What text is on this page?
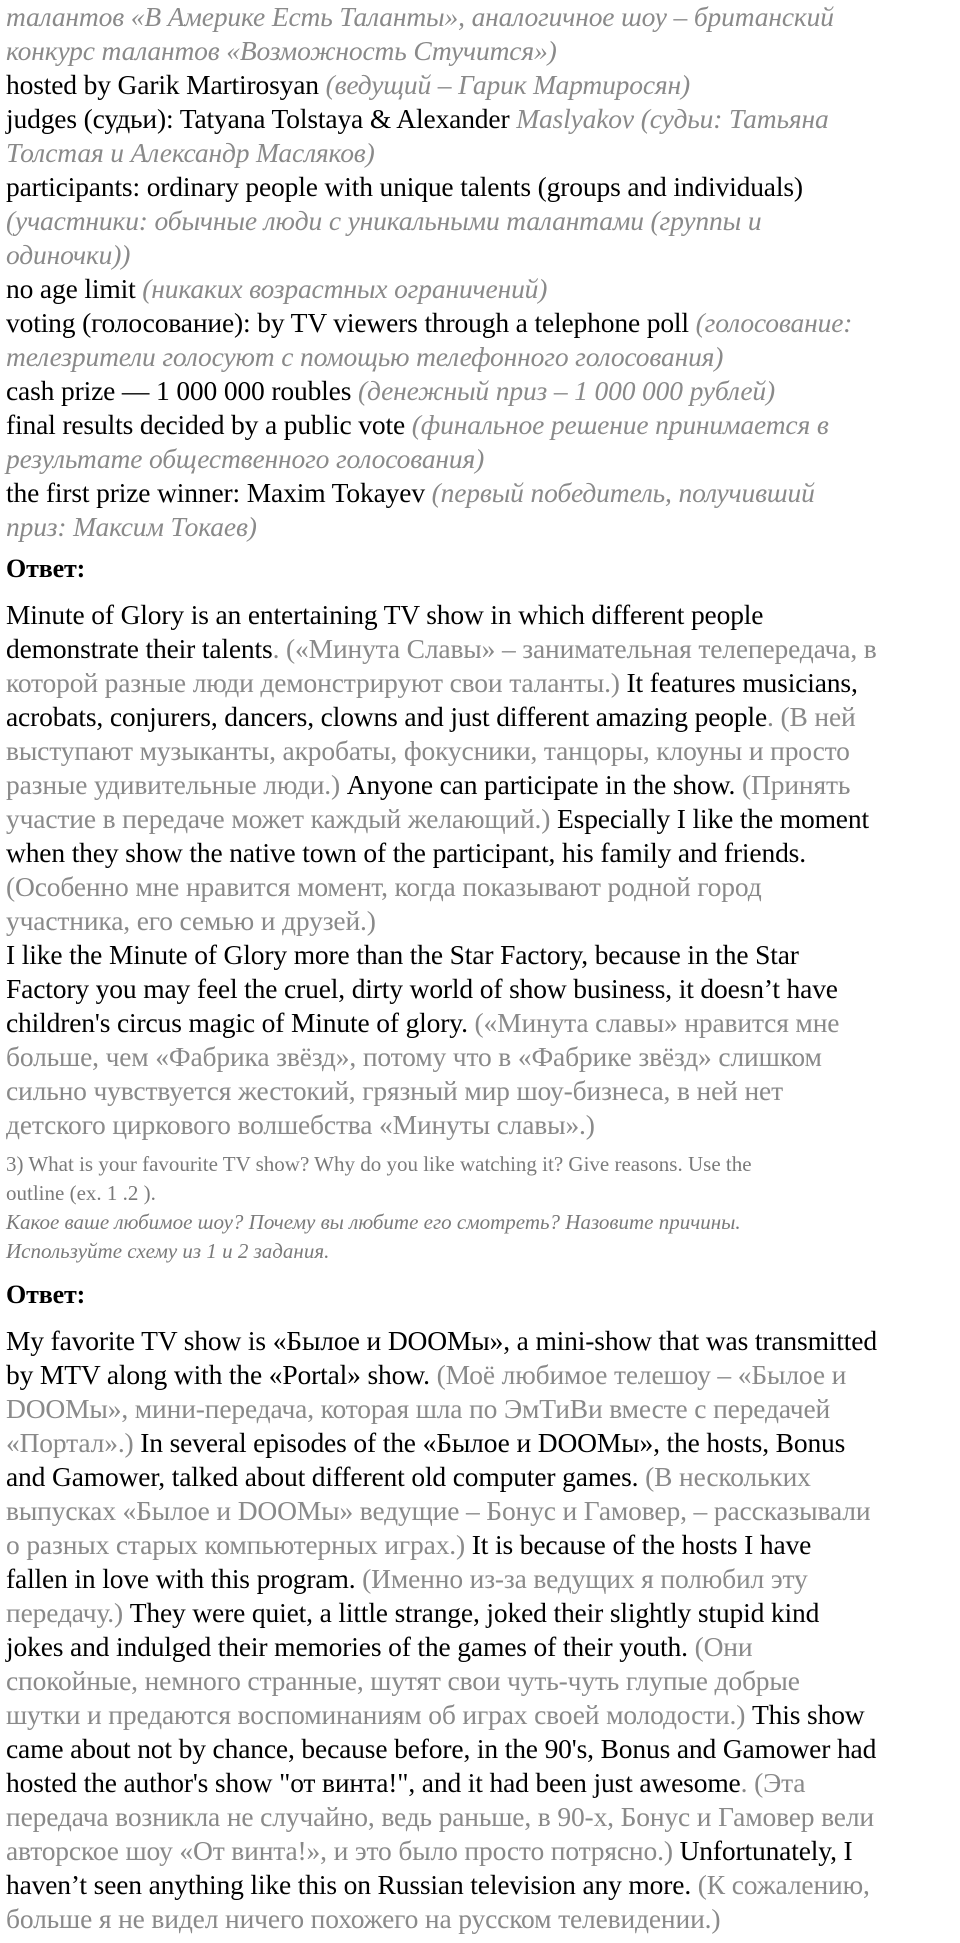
талантов «В Америке Есть Таланты», аналогичное шоу – британский
конкурс талантов «Возможность Стучится»)
hosted by Garik Martirosyan (ведущий – Гарик Мартиросян)
judges (судьи): Tatyana Tolstaya & Alexander Maslyakov (судьи: Татьяна
Толстая и Александр Масляков)
participants: ordinary people with unique talents (groups and individuals)
(участники: обычные люди с уникальными талантами (группы и
одиночки))
no age limit (никаких возрастных ограничений)
voting (голосование): by TV viewers through a telephone poll (голосование:
телезрители голосуют с помощью телефонного голосования)
cash prize — 1 000 000 roubles (денежный приз – 1 000 000 рублей)
final results decided by a public vote (финальное решение принимается в
результате общественного голосования)
the first prize winner: Maxim Tokayev (первый победитель, получивший
приз: Максим Токаев)
Ответ:
Minute of Glory is an entertaining TV show in which different people
demonstrate their talents. («Минута Славы» – занимательная телепередача, в
которой разные люди демонстрируют свои таланты.) It features musicians,
acrobats, conjurers, dancers, clowns and just different amazing people. (В ней
выступают музыканты, акробаты, фокусники, танцоры, клоуны и просто
разные удивительные люди.) Anyone can participate in the show. (Принять
участие в передаче может каждый желающий.) Especially I like the moment
when they show the native town of the participant, his family and friends.
(Особенно мне нравится момент, когда показывают родной город
участника, его семью и друзей.)
I like the Minute of Glory more than the Star Factory, because in the Star
Factory you may feel the cruel, dirty world of show business, it doesn’t have
children's circus magic of Minute of glory. («Минута славы» нравится мне
больше, чем «Фабрика звёзд», потому что в «Фабрике звёзд» слишком
сильно чувствуется жестокий, грязный мир шоу-бизнеса, в ней нет
детского циркового волшебства «Минуты славы».)
3) What is your favourite TV show? Why do you like watching it? Give reasons. Use the
outline (ex. 1 .2 ).
Какое ваше любимое шоу? Почему вы любите его смотреть? Назовите причины.
Используйте схему из 1 и 2 задания.
Ответ:
My favorite TV show is «Былое и DOOMы», a mini-show that was transmitted
by MTV along with the «Portal» show. (Моё любимое телешоу – «Былое и
DOOMы», мини-передача, которая шла по ЭмТиВи вместе с передачей
«Портал».) In several episodes of the «Былое и DOOMы», the hosts, Bonus
and Gamower, talked about different old computer games. (В нескольких
выпусках «Былое и DOOMы» ведущие – Бонус и Гамовер, – рассказывали
о разных старых компьютерных играх.) It is because of the hosts I have
fallen in love with this program. (Именно из-за ведущих я полюбил эту
передачу.) They were quiet, a little strange, joked their slightly stupid kind
jokes and indulged their memories of the games of their youth. (Они
спокойные, немного странные, шутят свои чуть-чуть глупые добрые
шутки и предаются воспоминаниям об играх своей молодости.) This show
came about not by chance, because before, in the 90's, Bonus and Gamower had
hosted the author's show "от винта!", and it had been just awesome. (Эта
передача возникла не случайно, ведь раньше, в 90-х, Бонус и Гамовер вели
авторское шоу «От винта!», и это было просто потрясно.) Unfortunately, I
haven’t seen anything like this on Russian television any more. (К сожалению,
больше я не видел ничего похожего на русском телевидении.)
